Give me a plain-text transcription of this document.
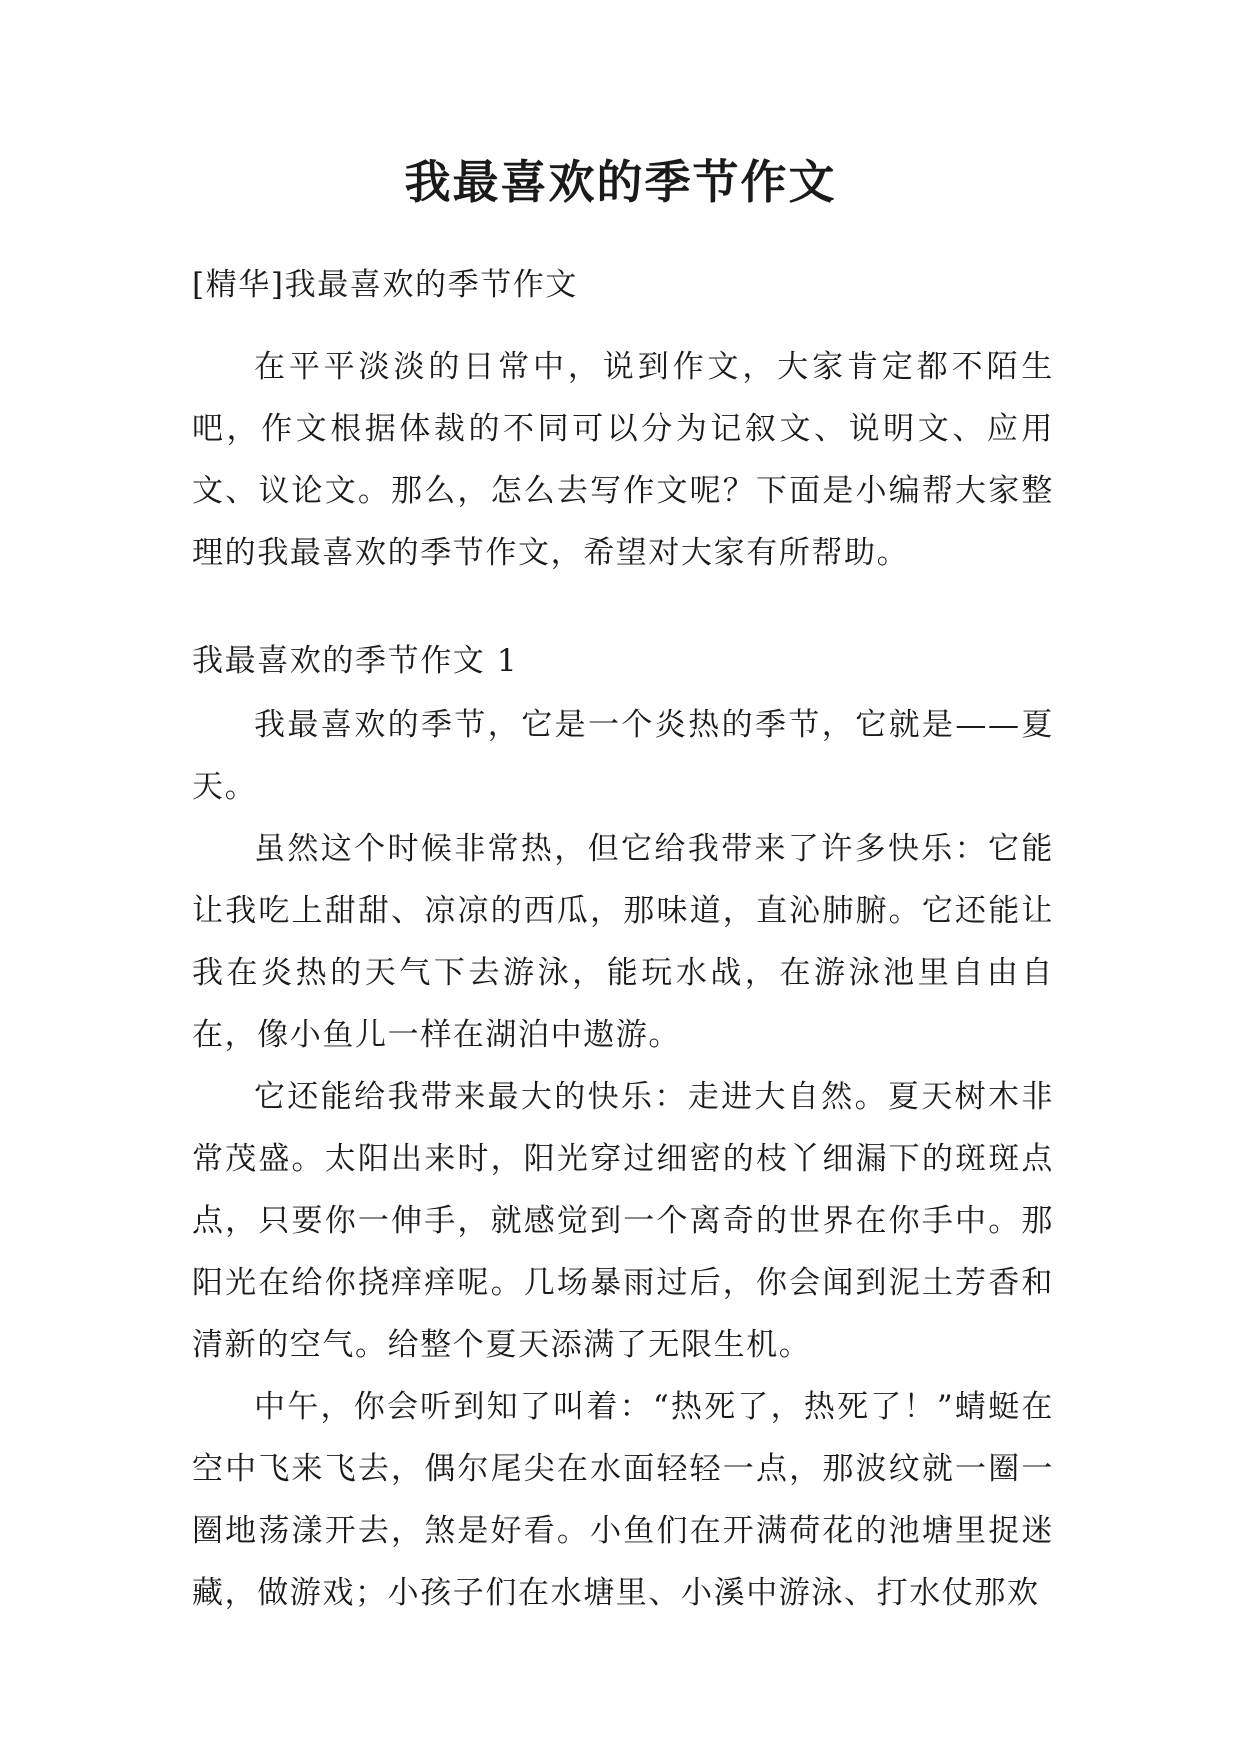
我最喜欢的季节作文

[精华]我最喜欢的季节作文

在平平淡淡的日常中，说到作文，大家肯定都不陌生吧，作文根据体裁的不同可以分为记叙文、说明文、应用文、议论文。那么，怎么去写作文呢？下面是小编帮大家整理的我最喜欢的季节作文，希望对大家有所帮助。

我最喜欢的季节作文 1

我最喜欢的季节，它是一个炎热的季节，它就是——夏天。

虽然这个时候非常热，但它给我带来了许多快乐：它能让我吃上甜甜、凉凉的西瓜，那味道，直沁肺腑。它还能让我在炎热的天气下去游泳，能玩水战，在游泳池里自由自在，像小鱼儿一样在湖泊中遨游。

它还能给我带来最大的快乐：走进大自然。夏天树木非常茂盛。太阳出来时，阳光穿过细密的枝丫细漏下的斑斑点点，只要你一伸手，就感觉到一个离奇的世界在你手中。那阳光在给你挠痒痒呢。几场暴雨过后，你会闻到泥土芳香和清新的空气。给整个夏天添满了无限生机。

中午，你会听到知了叫着：“热死了，热死了！”蜻蜓在空中飞来飞去，偶尔尾尖在水面轻轻一点，那波纹就一圈一圈地荡漾开去，煞是好看。小鱼们在开满荷花的池塘里捉迷藏，做游戏；小孩子们在水塘里、小溪中游泳、打水仗那欢
